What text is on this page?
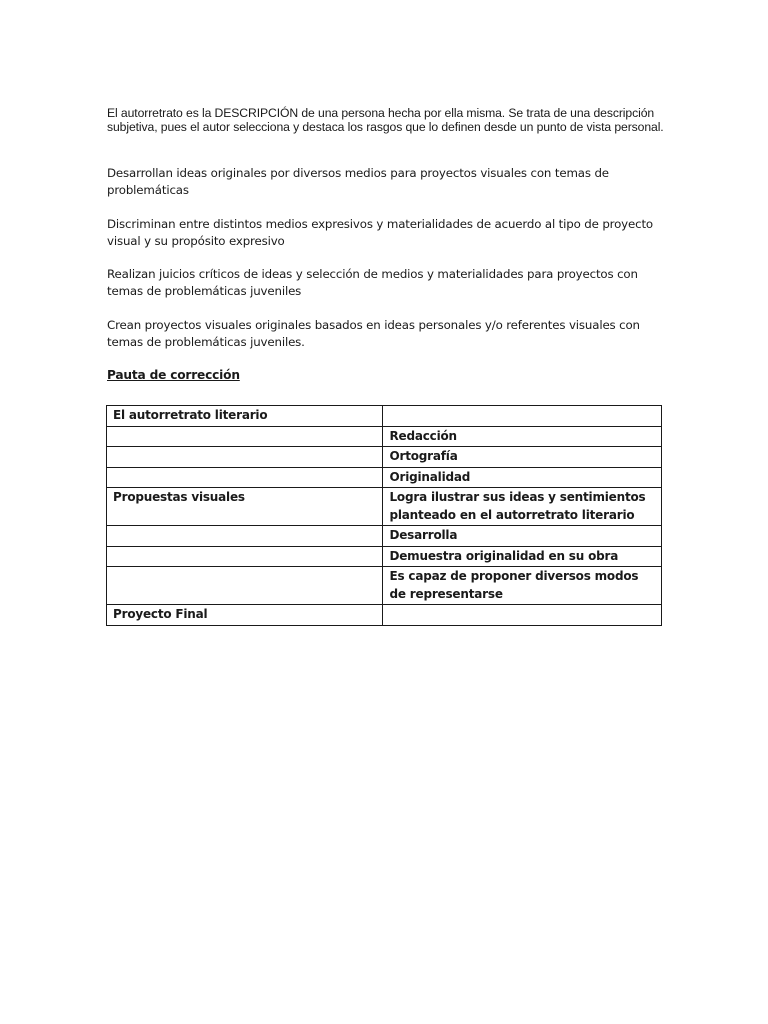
El autorretrato es la DESCRIPCIÓN de una persona hecha por ella misma. Se trata de una descripción subjetiva, pues el autor selecciona y destaca los rasgos que lo definen desde un punto de vista personal.

Desarrollan ideas originales por diversos medios para proyectos visuales con temas de problemáticas

Discriminan entre distintos medios expresivos y materialidades de acuerdo al tipo de proyecto visual y su propósito expresivo

Realizan juicios críticos de ideas y selección de medios y materialidades para proyectos con temas de problemáticas juveniles

Crean proyectos visuales originales basados en ideas personales y/o referentes visuales con temas de problemáticas juveniles.

Pauta de corrección
El autorretrato literario	
	Redacción
	Ortografía
	Originalidad
Propuestas visuales	Logra ilustrar sus ideas y sentimientos planteado en el autorretrato literario
	Desarrolla
	Demuestra originalidad en su obra
	Es capaz de proponer diversos modos de representarse
Proyecto Final	
